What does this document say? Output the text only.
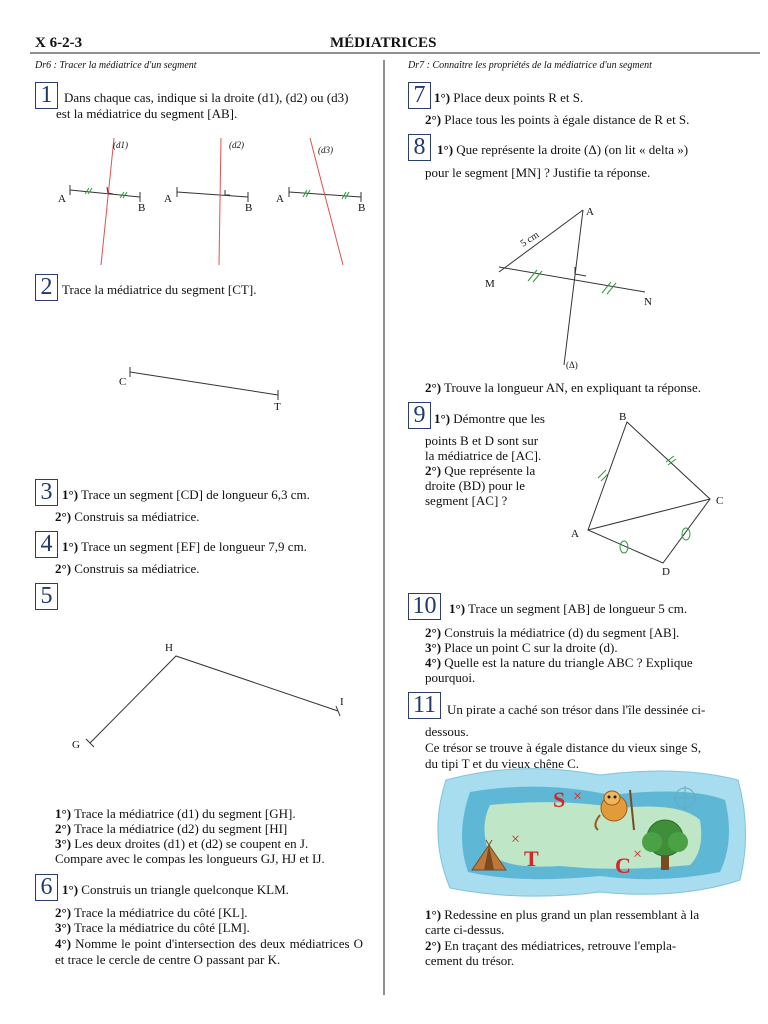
X 6-2-3	MÉDIATRICES
Dr6 : Tracer la médiatrice d'un segment
1 Dans chaque cas, indique si la droite (d1), (d2) ou (d3) est la médiatrice du segment [AB].
(d1)	(d2)	(d3)
A
B
A
B
A
B
2 Trace la médiatrice du segment [CT].
C
T
3 1°) Trace un segment [CD] de longueur 6,3 cm.
2°) Construis sa médiatrice.
4 1°) Trace un segment [EF] de longueur 7,9 cm.
2°) Construis sa médiatrice.
5
H
I
G
1°) Trace la médiatrice (d1) du segment [GH].
2°) Trace la médiatrice (d2) du segment [HI]
3°) Les deux droites (d1) et (d2) se coupent en J.
Compare avec le compas les longueurs GJ, HJ et IJ.
6 1°) Construis un triangle quelconque KLM.
2°) Trace la médiatrice du côté [KL].
3°) Trace la médiatrice du côté [LM].
4°) Nomme le point d'intersection des deux médiatrices O et trace le cercle de centre O passant par K.
Dr7 : Connaître les propriétés de la médiatrice d'un segment
7 1°) Place deux points R et S.
2°) Place tous les points à égale distance de R et S.
8 1°) Que représente la droite (Δ) (on lit « delta »)
pour le segment [MN] ? Justifie ta réponse.
A
5 cm
M
N
(Δ)
2°) Trouve la longueur AN, en expliquant ta réponse.
9 1°) Démontre que les
points B et D sont sur
la médiatrice de [AC].
2°) Que représente la
droite (BD) pour le
segment [AC] ?
B
C
A
D
10 1°) Trace un segment [AB] de longueur 5 cm.
2°) Construis la médiatrice (d) du segment [AB].
3°) Place un point C sur la droite (d).
4°) Quelle est la nature du triangle ABC ? Explique
pourquoi.
11 Un pirate a caché son trésor dans l'île dessinée ci-
dessous.
Ce trésor se trouve à égale distance du vieux singe S,
du tipi T et du vieux chêne C.
S ×
T
×
C ×
1°) Redessine en plus grand un plan ressemblant à la
carte ci-dessus.
2°) En traçant des médiatrices, retrouve l'empla-
cement du trésor.
